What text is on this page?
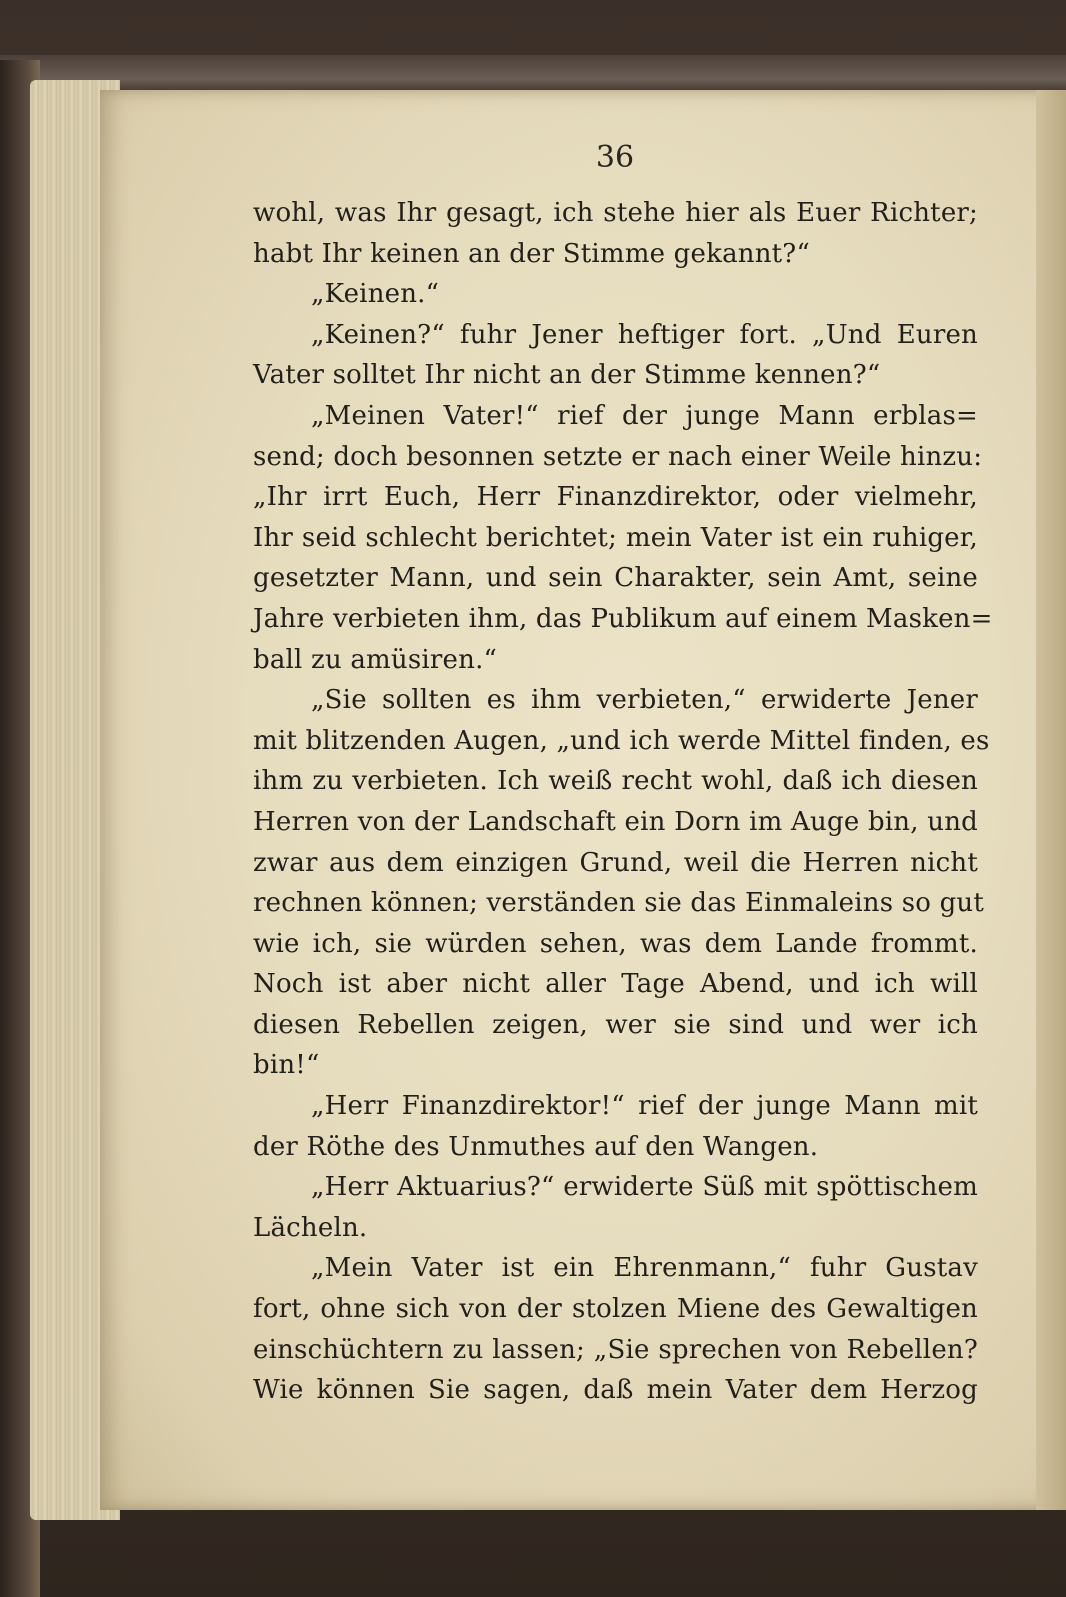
36
wohl, was Ihr gesagt, ich stehe hier als Euer Richter;
habt Ihr keinen an der Stimme gekannt?“
„Keinen.“
„Keinen?“ fuhr Jener heftiger fort. „Und Euren
Vater solltet Ihr nicht an der Stimme kennen?“
„Meinen Vater!“ rief der junge Mann erblas=
send; doch besonnen setzte er nach einer Weile hinzu:
„Ihr irrt Euch, Herr Finanzdirektor, oder vielmehr,
Ihr seid schlecht berichtet; mein Vater ist ein ruhiger,
gesetzter Mann, und sein Charakter, sein Amt, seine
Jahre verbieten ihm, das Publikum auf einem Masken=
ball zu amüsiren.“
„Sie sollten es ihm verbieten,“ erwiderte Jener
mit blitzenden Augen, „und ich werde Mittel finden, es
ihm zu verbieten. Ich weiß recht wohl, daß ich diesen
Herren von der Landschaft ein Dorn im Auge bin, und
zwar aus dem einzigen Grund, weil die Herren nicht
rechnen können; verständen sie das Einmaleins so gut
wie ich, sie würden sehen, was dem Lande frommt.
Noch ist aber nicht aller Tage Abend, und ich will
diesen Rebellen zeigen, wer sie sind und wer ich
bin!“
„Herr Finanzdirektor!“ rief der junge Mann mit
der Röthe des Unmuthes auf den Wangen.
„Herr Aktuarius?“ erwiderte Süß mit spöttischem
Lächeln.
„Mein Vater ist ein Ehrenmann,“ fuhr Gustav
fort, ohne sich von der stolzen Miene des Gewaltigen
einschüchtern zu lassen; „Sie sprechen von Rebellen?
Wie können Sie sagen, daß mein Vater dem Herzog
